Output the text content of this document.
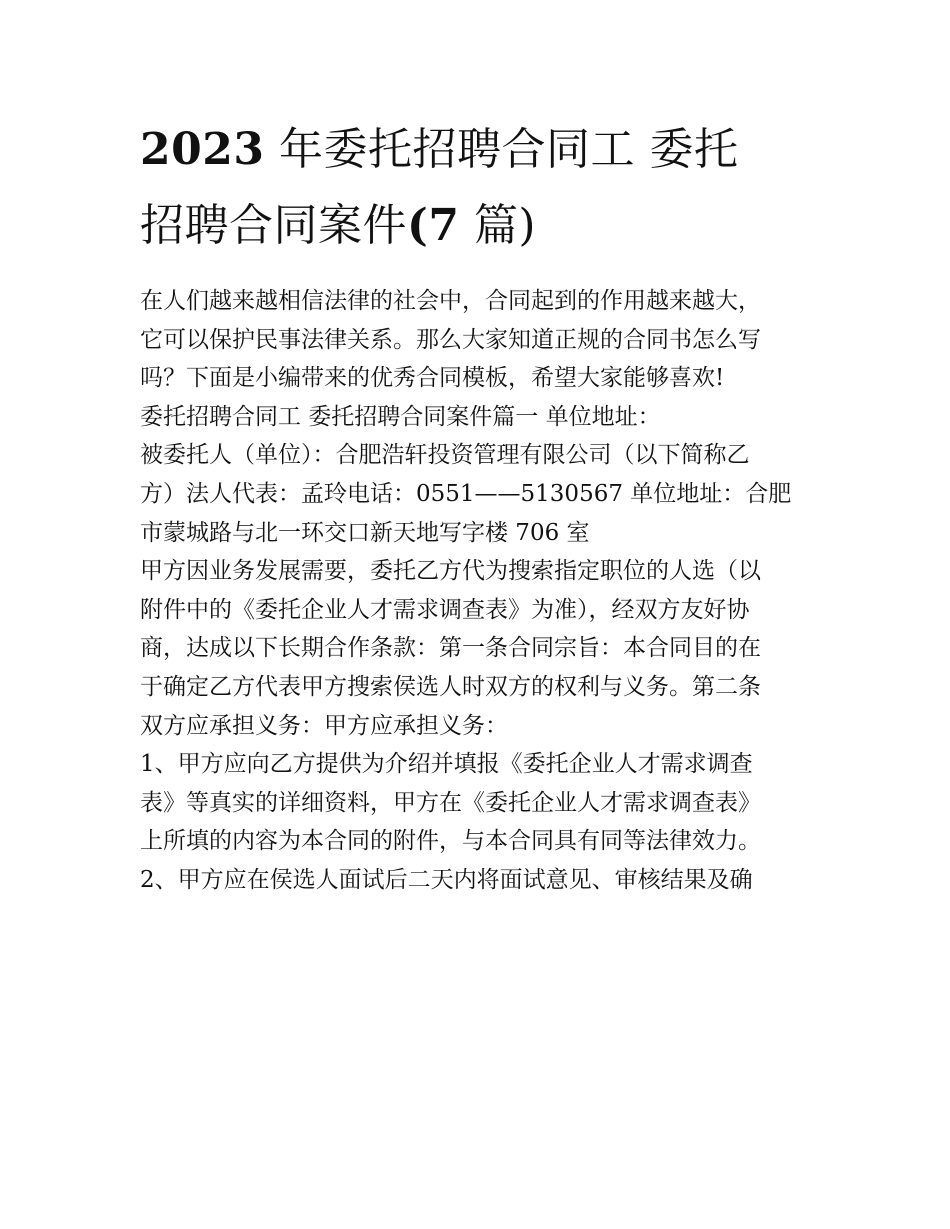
2023 年委托招聘合同工 委托
招聘合同案件(7 篇)
在人们越来越相信法律的社会中，合同起到的作用越来越大，
它可以保护民事法律关系。那么大家知道正规的合同书怎么写
吗？下面是小编带来的优秀合同模板，希望大家能够喜欢!
委托招聘合同工 委托招聘合同案件篇一 单位地址：
被委托人（单位）：合肥浩轩投资管理有限公司（以下简称乙
方）法人代表：孟玲电话：0551——5130567 单位地址：合肥
市蒙城路与北一环交口新天地写字楼 706 室
甲方因业务发展需要，委托乙方代为搜索指定职位的人选（以
附件中的《委托企业人才需求调查表》为准），经双方友好协
商，达成以下长期合作条款：第一条合同宗旨：本合同目的在
于确定乙方代表甲方搜索侯选人时双方的权利与义务。第二条
双方应承担义务：甲方应承担义务：
1、甲方应向乙方提供为介绍并填报《委托企业人才需求调查
表》等真实的详细资料，甲方在《委托企业人才需求调查表》
上所填的内容为本合同的附件，与本合同具有同等法律效力。
2、甲方应在侯选人面试后二天内将面试意见、审核结果及确
